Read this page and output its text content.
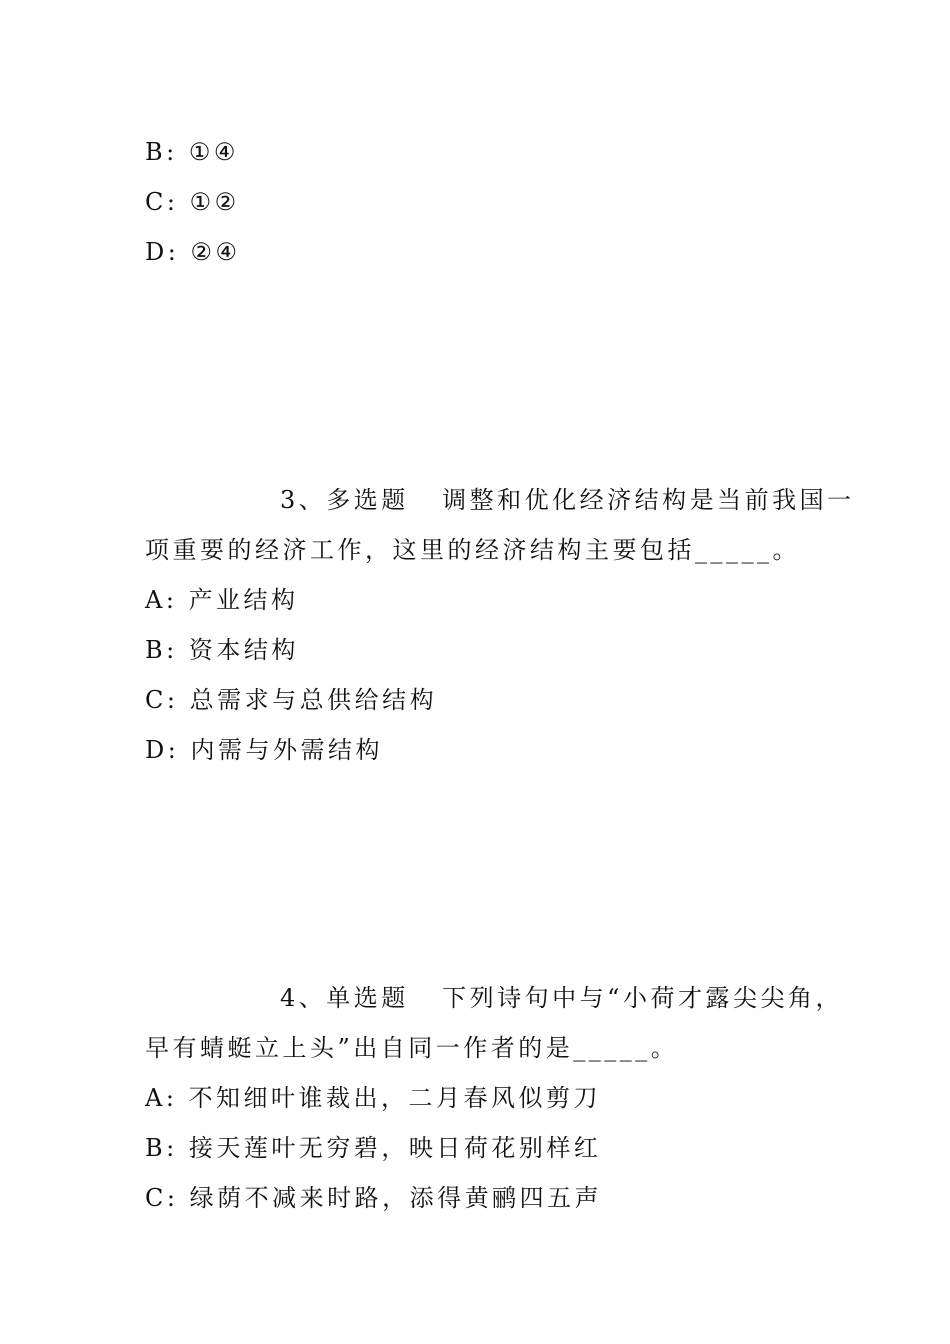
B: ①④
C: ①②
D: ②④
3、多选题 调整和优化经济结构是当前我国一
项重要的经济工作，这里的经济结构主要包括_____。
A: 产业结构
B: 资本结构
C: 总需求与总供给结构
D: 内需与外需结构
4、单选题 下列诗句中与“小荷才露尖尖角，
早有蜻蜓立上头”出自同一作者的是_____。
A: 不知细叶谁裁出，二月春风似剪刀
B: 接天莲叶无穷碧，映日荷花别样红
C: 绿荫不减来时路，添得黄鹂四五声
